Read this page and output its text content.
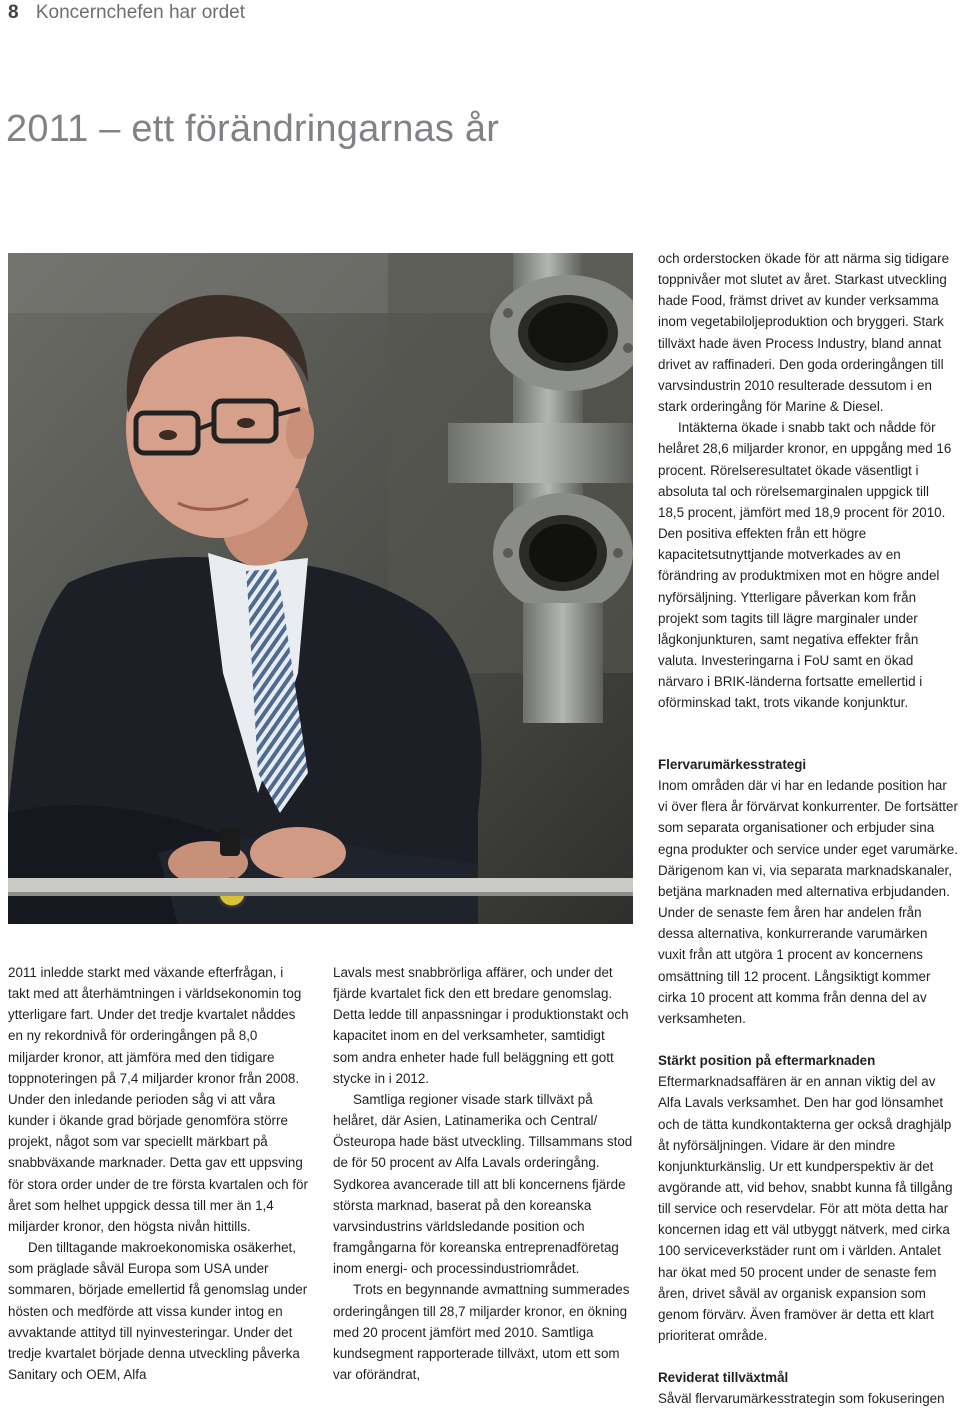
8 Koncernchefen har ordet
2011 – ett förändringarnas år

2011 inledde starkt med växande efterfrågan, i takt med att återhämtningen i världsekonomin tog ytterligare fart. Under det tredje kvartalet nåddes en ny rekordnivå för orderingången på 8,0 miljarder kronor, att jämföra med den tidigare toppnoteringen på 7,4 miljarder kronor från 2008. Under den inledande perioden såg vi att våra kunder i ökande grad började genomföra större projekt, något som var speciellt märkbart på snabbväxande marknader. Detta gav ett uppsving för stora order under de tre första kvartalen och för året som helhet uppgick dessa till mer än 1,4 miljarder kronor, den högsta nivån hittills.

Den tilltagande makroekonomiska osäkerhet, som präglade såväl Europa som USA under sommaren, började emellertid få genomslag under hösten och medförde att vissa kunder intog en avvaktande attityd till nyinvesteringar. Under det tredje kvartalet började denna utveckling påverka Sanitary och OEM, Alfa

Lavals mest snabbrörliga affärer, och under det fjärde kvartalet fick den ett bredare genomslag. Detta ledde till anpassningar i produktionstakt och kapacitet inom en del verksamheter, samtidigt som andra enheter hade full beläggning ett gott stycke in i 2012.

Samtliga regioner visade stark tillväxt på helåret, där Asien, Latinamerika och Central/Östeuropa hade bäst utveckling. Tillsammans stod de för 50 procent av Alfa Lavals orderingång. Sydkorea avancerade till att bli koncernens fjärde största marknad, baserat på den koreanska varvsindustrins världsledande position och framgångarna för koreanska entreprenadföretag inom energi- och processindustriområdet.

Trots en begynnande avmattning summerades orderingången till 28,7 miljarder kronor, en ökning med 20 procent jämfört med 2010. Samtliga kundsegment rapporterade tillväxt, utom ett som var oförändrat,

och orderstocken ökade för att närma sig tidigare toppnivåer mot slutet av året. Starkast utveckling hade Food, främst drivet av kunder verksamma inom vegetabiloljeproduktion och bryggeri. Stark tillväxt hade även Process Industry, bland annat drivet av raffinaderi. Den goda orderingången till varvsindustrin 2010 resulterade dessutom i en stark orderingång för Marine & Diesel.

Intäkterna ökade i snabb takt och nådde för helåret 28,6 miljarder kronor, en uppgång med 16 procent. Rörelseresultatet ökade väsentligt i absoluta tal och rörelsemarginalen uppgick till 18,5 procent, jämfört med 18,9 procent för 2010. Den positiva effekten från ett högre kapacitetsutnyttjande motverkades av en förändring av produktmixen mot en högre andel nyförsäljning. Ytterligare påverkan kom från projekt som tagits till lägre marginaler under lågkonjunkturen, samt negativa effekter från valuta. Investeringarna i FoU samt en ökad närvaro i BRIK-länderna fortsatte emellertid i oförminskad takt, trots vikande konjunktur.

Flervarumärkesstrategi

Inom områden där vi har en ledande position har vi över flera år förvärvat konkurrenter. De fortsätter som separata organisationer och erbjuder sina egna produkter och service under eget varumärke. Därigenom kan vi, via separata marknadskanaler, betjäna marknaden med alternativa erbjudanden. Under de senaste fem åren har andelen från dessa alternativa, konkurrerande varumärken vuxit från att utgöra 1 procent av koncernens omsättning till 12 procent. Långsiktigt kommer cirka 10 procent att komma från denna del av verksamheten.

Stärkt position på eftermarknaden

Eftermarknadsaffären är en annan viktig del av Alfa Lavals verksamhet. Den har god lönsamhet och de tätta kundkontakterna ger också draghjälp åt nyförsäljningen. Vidare är den mindre konjunkturkänslig. Ur ett kundperspektiv är det avgörande att, vid behov, snabbt kunna få tillgång till service och reservdelar. För att möta detta har koncernen idag ett väl utbyggt nätverk, med cirka 100 serviceverkstäder runt om i världen. Antalet har ökat med 50 procent under de senaste fem åren, drivet såväl av organisk expansion som genom förvärv. Även framöver är detta ett klart prioriterat område.

Reviderat tillväxtmål

Såväl flervarumärkesstrategin som fokuseringen
